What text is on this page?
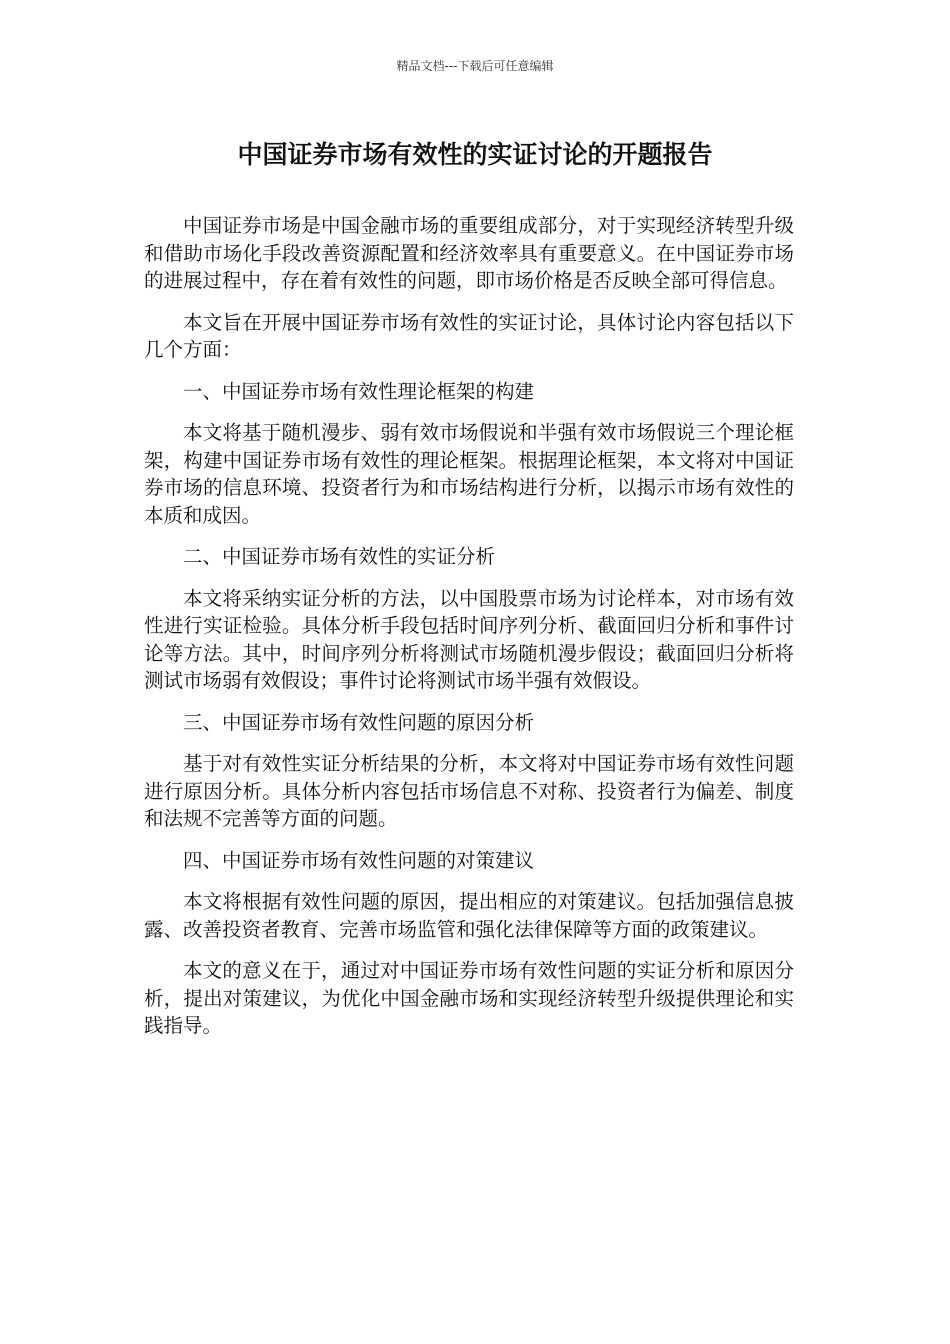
精品文档---下载后可任意编辑
中国证券市场有效性的实证讨论的开题报告

中国证券市场是中国金融市场的重要组成部分，对于实现经济转型升级和借助市场化手段改善资源配置和经济效率具有重要意义。在中国证券市场的进展过程中，存在着有效性的问题，即市场价格是否反映全部可得信息。

本文旨在开展中国证券市场有效性的实证讨论，具体讨论内容包括以下几个方面：

一、中国证券市场有效性理论框架的构建

本文将基于随机漫步、弱有效市场假说和半强有效市场假说三个理论框架，构建中国证券市场有效性的理论框架。根据理论框架，本文将对中国证券市场的信息环境、投资者行为和市场结构进行分析，以揭示市场有效性的本质和成因。

二、中国证券市场有效性的实证分析

本文将采纳实证分析的方法，以中国股票市场为讨论样本，对市场有效性进行实证检验。具体分析手段包括时间序列分析、截面回归分析和事件讨论等方法。其中，时间序列分析将测试市场随机漫步假设；截面回归分析将测试市场弱有效假设；事件讨论将测试市场半强有效假设。

三、中国证券市场有效性问题的原因分析

基于对有效性实证分析结果的分析，本文将对中国证券市场有效性问题进行原因分析。具体分析内容包括市场信息不对称、投资者行为偏差、制度和法规不完善等方面的问题。

四、中国证券市场有效性问题的对策建议

本文将根据有效性问题的原因，提出相应的对策建议。包括加强信息披露、改善投资者教育、完善市场监管和强化法律保障等方面的政策建议。

本文的意义在于，通过对中国证券市场有效性问题的实证分析和原因分析，提出对策建议，为优化中国金融市场和实现经济转型升级提供理论和实践指导。
